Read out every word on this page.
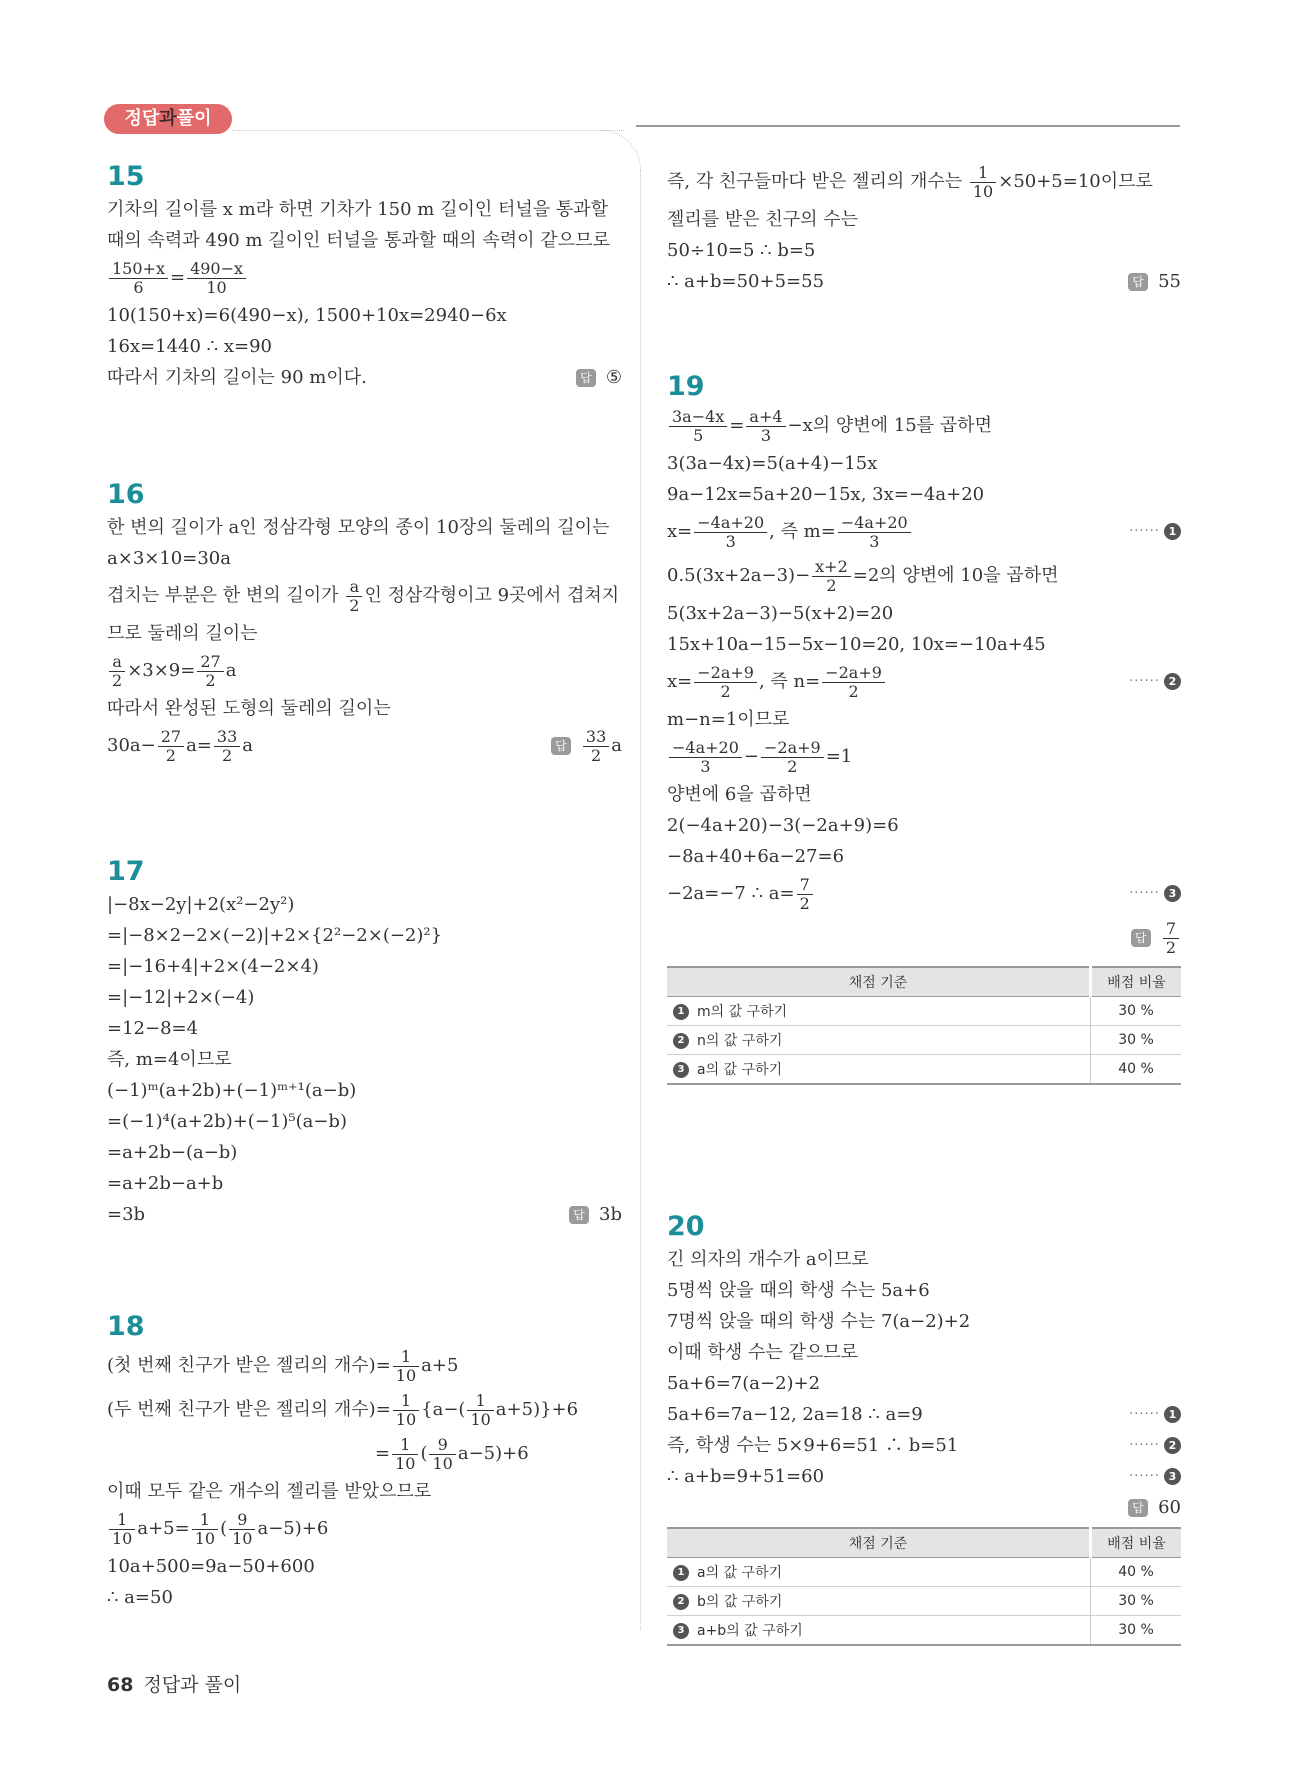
정답과풀이
15
기차의 길이를 x m라 하면 기차가 150 m 길이인 터널을 통과할
때의 속력과 490 m 길이인 터널을 통과할 때의 속력이 같으므로
$\frac{150+x}{6} = \frac{490-x}{10}$
10(150+x)=6(490−x), 1500+10x=2940−6x
16x=1440 ∴ x=90
따라서 기차의 길이는 90 m이다.	답 ⑤
16
한 변의 길이가 a인 정삼각형 모양의 종이 10장의 둘레의 길이는
a×3×10=30a
겹치는 부분은 한 변의 길이가 $\frac{a}{2}$ 인 정삼각형이고 9곳에서 겹쳐지
므로 둘레의 길이는
$\frac{a}{2} \times 3\times 9= \frac{27}{2}$ a
따라서 완성된 도형의 둘레의 길이는
$30a- \frac{27}{2} a= \frac{33}{2}$ a	답 $\frac{33}{2}$ a
17
|−8x−2y|+2(x²−2y²)
=|−8×2−2×(−2)|+2×{2²−2×(−2)²}
=|−16+4|+2×(4−2×4)
=|−12|+2×(−4)
=12−8=4
즉, m=4이므로
(−1)ᵐ(a+2b)+(−1)ᵐ⁺¹(a−b)
=(−1)⁴(a+2b)+(−1)⁵(a−b)
=a+2b−(a−b)
=a+2b−a+b
=3b	답 3b
18
(첫 번째 친구가 받은 젤리의 개수)= $\frac{1}{10} a+5$
(두 번째 친구가 받은 젤리의 개수)= $\frac{1}{10} \{a-( \frac{1}{10} a+5)\}+6$
= $\frac{1}{10}$ ( $\frac{9}{10} a-5)+6$
이때 모두 같은 개수의 젤리를 받았으므로
$\frac{1}{10} a+5= \frac{1}{10}$ ( $\frac{9}{10} a-5)+6$
10a+500=9a−50+600
∴ a=50
즉, 각 친구들마다 받은 젤리의 개수는 $\frac{1}{10} \times 50+5=10$이므로
젤리를 받은 친구의 수는
50÷10=5 ∴ b=5
∴ a+b=50+5=55	답 55
19
$\frac{3a-4x}{5} = \frac{a+4}{3} -x$의 양변에 15를 곱하면
3(3a−4x)=5(a+4)−15x
9a−12x=5a+20−15x, 3x=−4a+20
$x= \frac{-4a+20}{3}$ , 즉 $m= \frac{-4a+20}{3}$	······ 1
$0.5(3x+2a-3)- \frac{x+2}{2} =2$의 양변에 10을 곱하면
5(3x+2a−3)−5(x+2)=20
15x+10a−15−5x−10=20, 10x=−10a+45
$x= \frac{-2a+9}{2}$ , 즉 $n= \frac{-2a+9}{2}$	······ 2
m−n=1이므로
$\frac{-4a+20}{3} - \frac{-2a+9}{2} =1$
양변에 6을 곱하면
2(−4a+20)−3(−2a+9)=6
−8a+40+6a−27=6
−2a=−7 ∴ $a= \frac{7}{2}$	······ 3
답 $\frac{7}{2}$
채점 기준	배점 비율
1 m의 값 구하기	30 %
2 n의 값 구하기	30 %
3 a의 값 구하기	40 %
20
긴 의자의 개수가 a이므로
5명씩 앉을 때의 학생 수는 5a+6
7명씩 앉을 때의 학생 수는 7(a−2)+2
이때 학생 수는 같으므로
5a+6=7(a−2)+2
5a+6=7a−12, 2a=18 ∴ a=9	······ 1
즉, 학생 수는 5×9+6=51 ∴ b=51	······ 2
∴ a+b=9+51=60	······ 3
답 60
채점 기준	배점 비율
1 a의 값 구하기	40 %
2 b의 값 구하기	30 %
3 a+b의 값 구하기	30 %
68 정답과 풀이
